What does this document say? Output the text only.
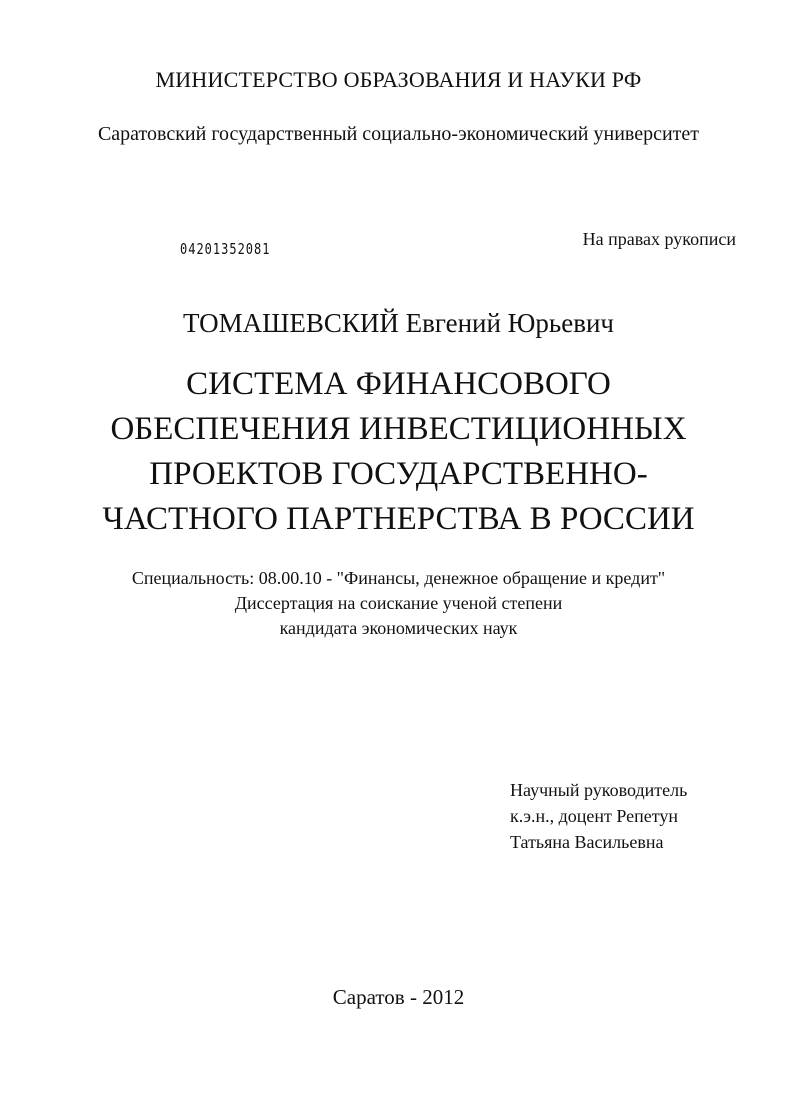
МИНИСТЕРСТВО ОБРАЗОВАНИЯ И НАУКИ РФ
Саратовский государственный социально-экономический университет
04201352081	На правах рукописи
ТОМАШЕВСКИЙ Евгений Юрьевич
СИСТЕМА ФИНАНСОВОГО
ОБЕСПЕЧЕНИЯ ИНВЕСТИЦИОННЫХ
ПРОЕКТОВ ГОСУДАРСТВЕННО-
ЧАСТНОГО ПАРТНЕРСТВА В РОССИИ
Специальность: 08.00.10 - "Финансы, денежное обращение и кредит"
Диссертация на соискание ученой степени
кандидата экономических наук
Научный руководитель
к.э.н., доцент Репетун
Татьяна Васильевна
Саратов - 2012
